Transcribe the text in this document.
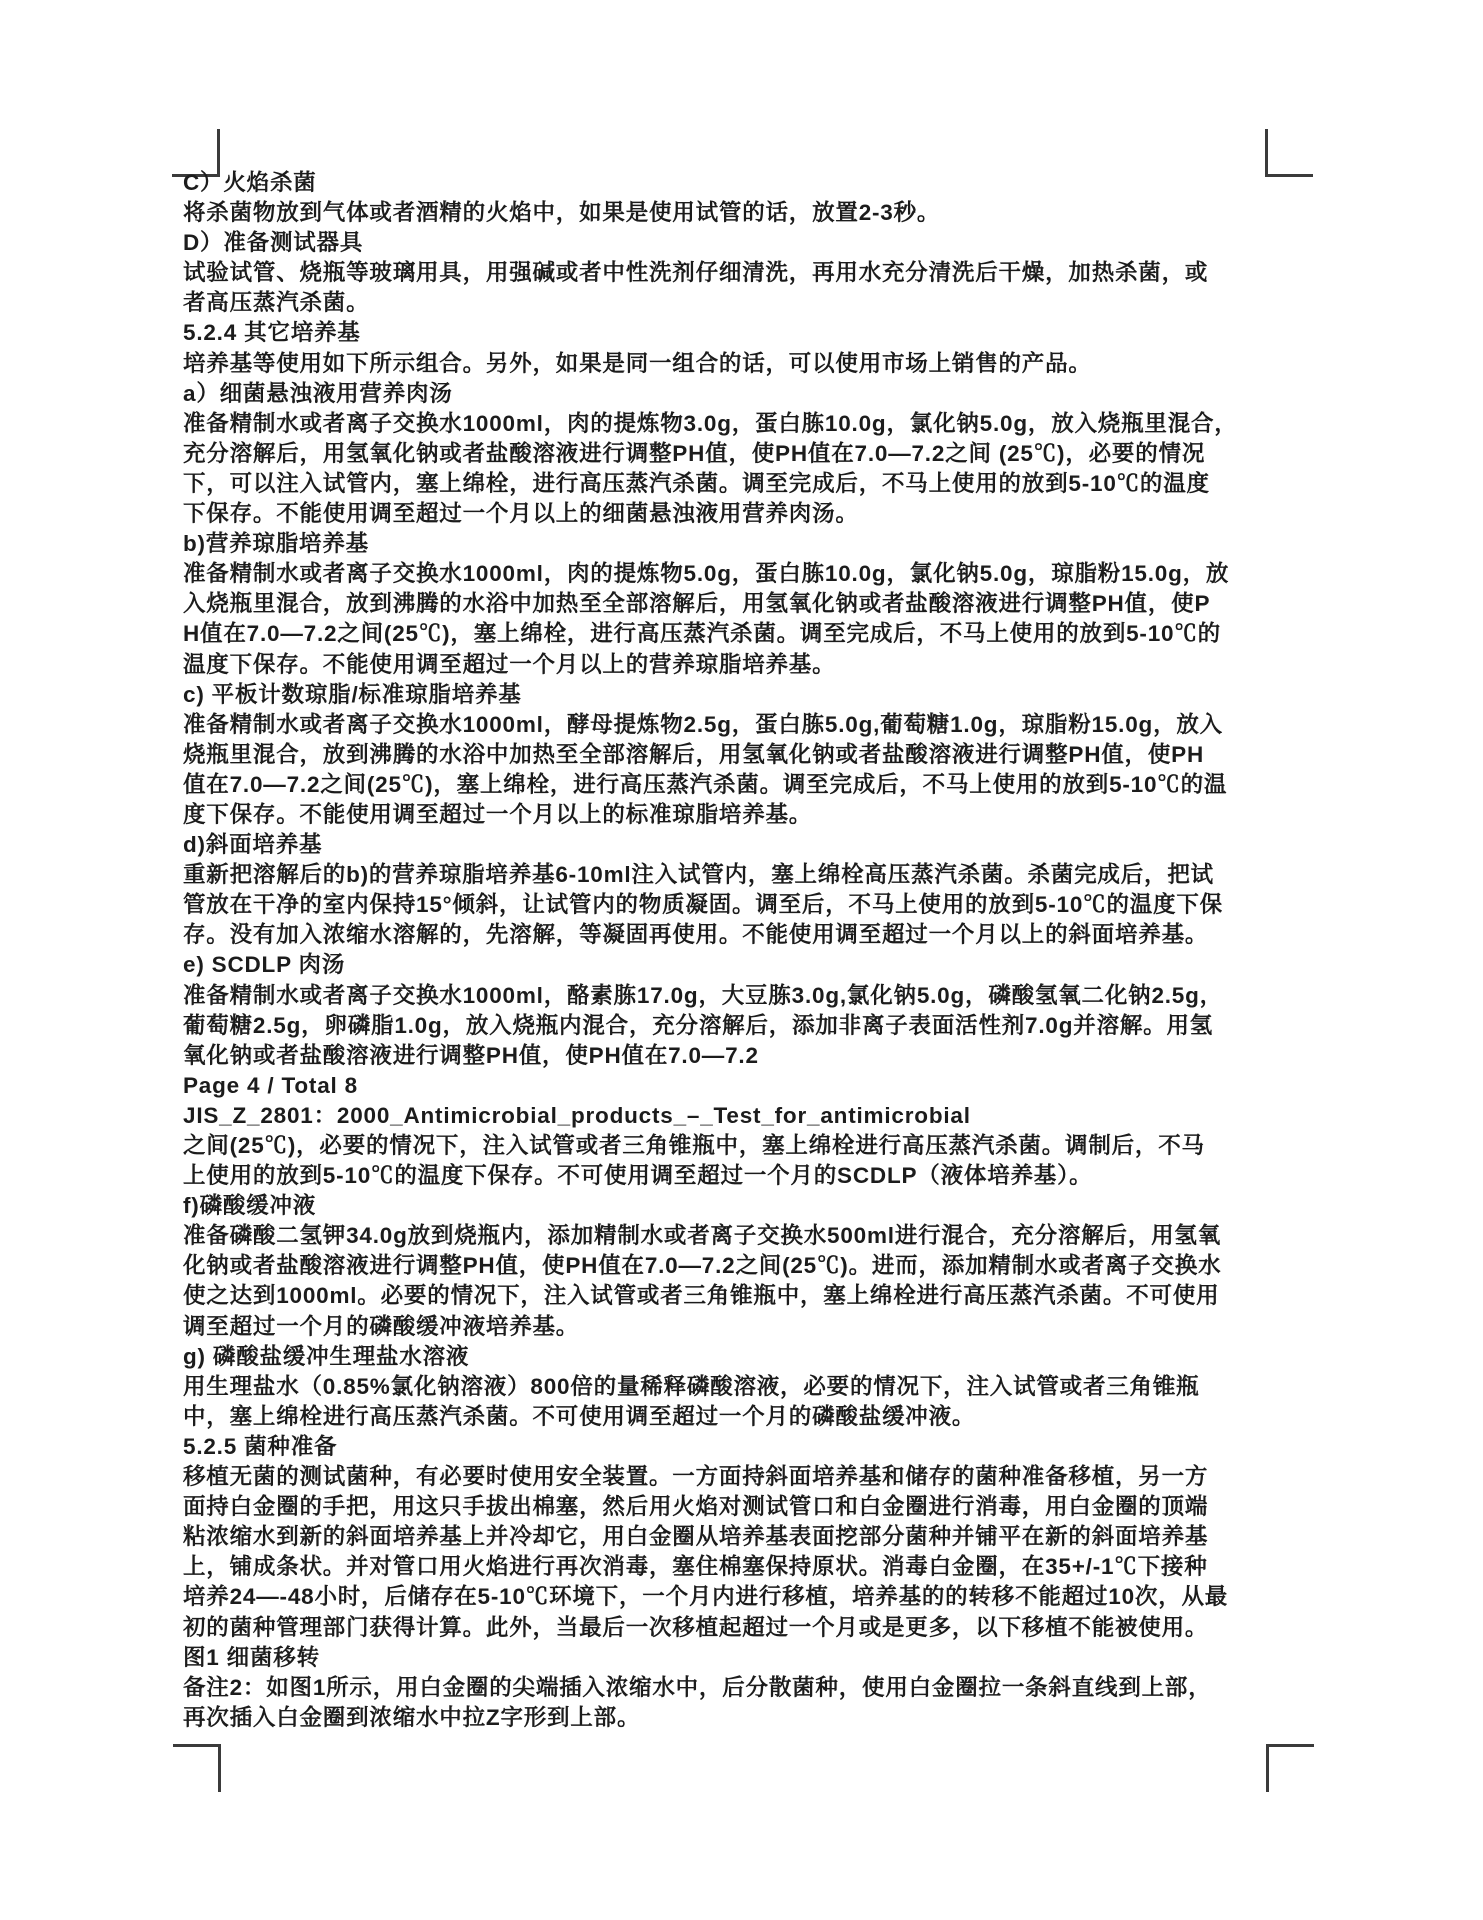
C）火焰杀菌
将杀菌物放到气体或者酒精的火焰中，如果是使用试管的话，放置2-3秒。
D）准备测试器具
试验试管、烧瓶等玻璃用具，用强碱或者中性洗剂仔细清洗，再用水充分清洗后干燥，加热杀菌，或
者高压蒸汽杀菌。
5.2.4 其它培养基
培养基等使用如下所示组合。另外，如果是同一组合的话，可以使用市场上销售的产品。
a）细菌悬浊液用营养肉汤
准备精制水或者离子交换水1000ml，肉的提炼物3.0g，蛋白胨10.0g，氯化钠5.0g，放入烧瓶里混合，
充分溶解后，用氢氧化钠或者盐酸溶液进行调整PH值，使PH值在7.0—7.2之间 (25℃)，必要的情况
下，可以注入试管内，塞上绵栓，进行高压蒸汽杀菌。调至完成后，不马上使用的放到5-10℃的温度
下保存。不能使用调至超过一个月以上的细菌悬浊液用营养肉汤。
b)营养琼脂培养基
准备精制水或者离子交换水1000ml，肉的提炼物5.0g，蛋白胨10.0g，氯化钠5.0g，琼脂粉15.0g，放
入烧瓶里混合，放到沸腾的水浴中加热至全部溶解后，用氢氧化钠或者盐酸溶液进行调整PH值，使P
H值在7.0—7.2之间(25℃)，塞上绵栓，进行高压蒸汽杀菌。调至完成后，不马上使用的放到5-10℃的
温度下保存。不能使用调至超过一个月以上的营养琼脂培养基。
c) 平板计数琼脂/标准琼脂培养基
准备精制水或者离子交换水1000ml，酵母提炼物2.5g，蛋白胨5.0g,葡萄糖1.0g，琼脂粉15.0g，放入
烧瓶里混合，放到沸腾的水浴中加热至全部溶解后，用氢氧化钠或者盐酸溶液进行调整PH值，使PH
值在7.0—7.2之间(25℃)，塞上绵栓，进行高压蒸汽杀菌。调至完成后，不马上使用的放到5-10℃的温
度下保存。不能使用调至超过一个月以上的标准琼脂培养基。
d)斜面培养基
重新把溶解后的b)的营养琼脂培养基6-10ml注入试管内，塞上绵栓高压蒸汽杀菌。杀菌完成后，把试
管放在干净的室内保持15°倾斜，让试管内的物质凝固。调至后，不马上使用的放到5-10℃的温度下保
存。没有加入浓缩水溶解的，先溶解，等凝固再使用。不能使用调至超过一个月以上的斜面培养基。
e) SCDLP 肉汤
准备精制水或者离子交换水1000ml，酪素胨17.0g，大豆胨3.0g,氯化钠5.0g，磷酸氢氧二化钠2.5g，
葡萄糖2.5g，卵磷脂1.0g，放入烧瓶内混合，充分溶解后，添加非离子表面活性剂7.0g并溶解。用氢
氧化钠或者盐酸溶液进行调整PH值，使PH值在7.0—7.2
Page 4 / Total 8
JIS_Z_2801：2000_Antimicrobial_products_–_Test_for_antimicrobial
之间(25℃)，必要的情况下，注入试管或者三角锥瓶中，塞上绵栓进行高压蒸汽杀菌。调制后，不马
上使用的放到5-10℃的温度下保存。不可使用调至超过一个月的SCDLP（液体培养基）。
f)磷酸缓冲液
准备磷酸二氢钾34.0g放到烧瓶内，添加精制水或者离子交换水500ml进行混合，充分溶解后，用氢氧
化钠或者盐酸溶液进行调整PH值，使PH值在7.0—7.2之间(25℃)。进而，添加精制水或者离子交换水
使之达到1000ml。必要的情况下，注入试管或者三角锥瓶中，塞上绵栓进行高压蒸汽杀菌。不可使用
调至超过一个月的磷酸缓冲液培养基。
g) 磷酸盐缓冲生理盐水溶液
用生理盐水（0.85%氯化钠溶液）800倍的量稀释磷酸溶液，必要的情况下，注入试管或者三角锥瓶
中，塞上绵栓进行高压蒸汽杀菌。不可使用调至超过一个月的磷酸盐缓冲液。
5.2.5 菌种准备
移植无菌的测试菌种，有必要时使用安全装置。一方面持斜面培养基和储存的菌种准备移植，另一方
面持白金圈的手把，用这只手拔出棉塞，然后用火焰对测试管口和白金圈进行消毒，用白金圈的顶端
粘浓缩水到新的斜面培养基上并冷却它，用白金圈从培养基表面挖部分菌种并铺平在新的斜面培养基
上，铺成条状。并对管口用火焰进行再次消毒，塞住棉塞保持原状。消毒白金圈，在35+/-1℃下接种
培养24—-48小时，后储存在5-10℃环境下，一个月内进行移植，培养基的的转移不能超过10次，从最
初的菌种管理部门获得计算。此外，当最后一次移植起超过一个月或是更多，以下移植不能被使用。
图1 细菌移转
备注2：如图1所示，用白金圈的尖端插入浓缩水中，后分散菌种，使用白金圈拉一条斜直线到上部，
再次插入白金圈到浓缩水中拉Z字形到上部。
